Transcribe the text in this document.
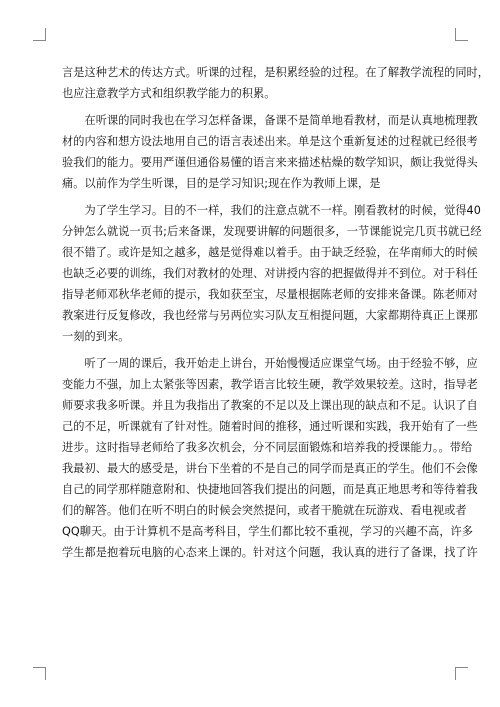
言是这种艺术的传达方式。听课的过程，是积累经验的过程。在了解教学流程的同时，
也应注意教学方式和组织教学能力的积累。
　　在听课的同时我也在学习怎样备课，备课不是简单地看教材，而是认真地梳理教
材的内容和想方设法地用自己的语言表述出来。单是这个重新复述的过程就已经很考
验我们的能力。要用严谨但通俗易懂的语言来来描述枯燥的数学知识，颇让我觉得头
痛。以前作为学生听课，目的是学习知识;现在作为教师上课，是
　　为了学生学习。目的不一样，我们的注意点就不一样。刚看教材的时候，觉得40
分钟怎么就说一页书;后来备课，发现要讲解的问题很多，一节课能说完几页书就已经
很不错了。或许是知之越多，越是觉得难以着手。由于缺乏经验，在华南师大的时候
也缺乏必要的训练，我们对教材的处理、对讲授内容的把握做得并不到位。对于科任
指导老师邓秋华老师的提示，我如获至宝，尽量根据陈老师的安排来备课。陈老师对
教案进行反复修改，我也经常与另两位实习队友互相提问题，大家都期待真正上课那
一刻的到来。
　　听了一周的课后，我开始走上讲台，开始慢慢适应课堂气场。由于经验不够，应
变能力不强，加上太紧张等因素，教学语言比较生硬，教学效果较差。这时，指导老
师要求我多听课。并且为我指出了教案的不足以及上课出现的缺点和不足。认识了自
己的不足，听课就有了针对性。随着时间的推移，通过听课和实践，我开始有了一些
进步。这时指导老师给了我多次机会，分不同层面锻炼和培养我的授课能力。。带给
我最初、最大的感受是，讲台下坐着的不是自己的同学而是真正的学生。他们不会像
自己的同学那样随意附和、快捷地回答我们提出的问题，而是真正地思考和等待着我
们的解答。他们在听不明白的时候会突然提问，或者干脆就在玩游戏、看电视或者
QQ聊天。由于计算机不是高考科目，学生们都比较不重视，学习的兴趣不高，许多
学生都是抱着玩电脑的心态来上课的。针对这个问题，我认真的进行了备课，找了许
